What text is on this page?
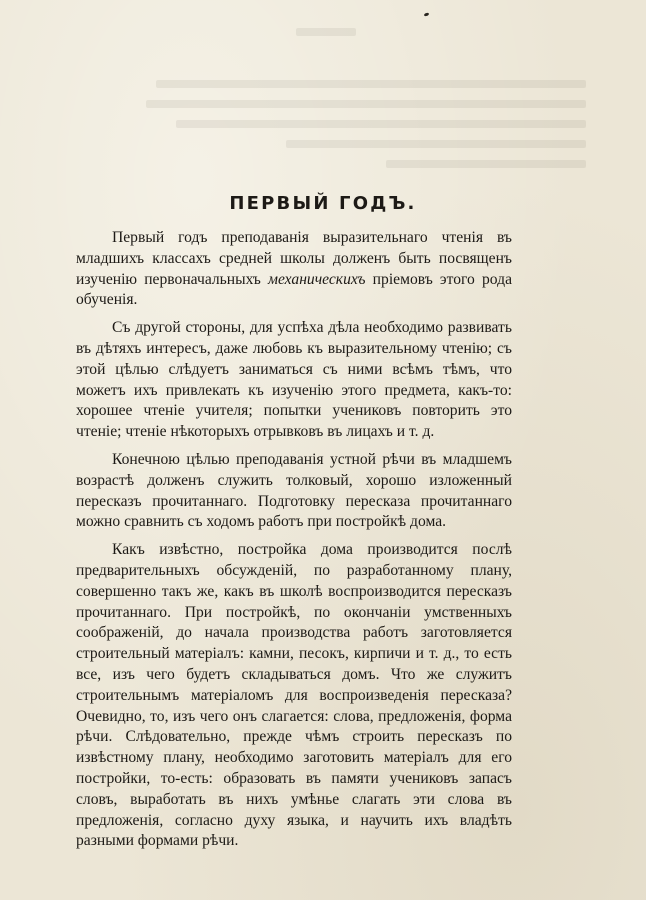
ПЕРВЫЙ ГОДЪ.

Первый годъ преподаванія выразительнаго чтенія въ младшихъ классахъ средней школы долженъ быть посвященъ изученію первоначальныхъ механическихъ пріемовъ этого рода обученія.

Съ другой стороны, для успѣха дѣла необходимо развивать въ дѣтяхъ интересъ, даже любовь къ выразительному чтенію; съ этой цѣлью слѣдуетъ заниматься съ ними всѣмъ тѣмъ, что можетъ ихъ привлекать къ изученію этого предмета, какъ-то: хорошее чтеніе учителя; попытки учениковъ повторить это чтеніе; чтеніе нѣкоторыхъ отрывковъ въ лицахъ и т. д.

Конечною цѣлью преподаванія устной рѣчи въ младшемъ возрастѣ долженъ служить толковый, хорошо изложенный пересказъ прочитаннаго. Подготовку пересказа прочитаннаго можно сравнить съ ходомъ работъ при постройкѣ дома.

Какъ извѣстно, постройка дома производится послѣ предварительныхъ обсужденій, по разработанному плану, совершенно такъ же, какъ въ школѣ воспроизводится пересказъ прочитаннаго. При постройкѣ, по окончаніи умственныхъ соображеній, до начала производства работъ заготовляется строительный матеріалъ: камни, песокъ, кирпичи и т. д., то есть все, изъ чего будетъ складываться домъ. Что же служитъ строительнымъ матеріаломъ для воспроизведенія пересказа? Очевидно, то, изъ чего онъ слагается: слова, предложенія, форма рѣчи. Слѣдовательно, прежде чѣмъ строить пересказъ по извѣстному плану, необходимо заготовить матеріалъ для его постройки, то-есть: образовать въ памяти учениковъ запасъ словъ, выработать въ нихъ умѣнье слагать эти слова въ предложенія, согласно духу языка, и научить ихъ владѣть разными формами рѣчи.
